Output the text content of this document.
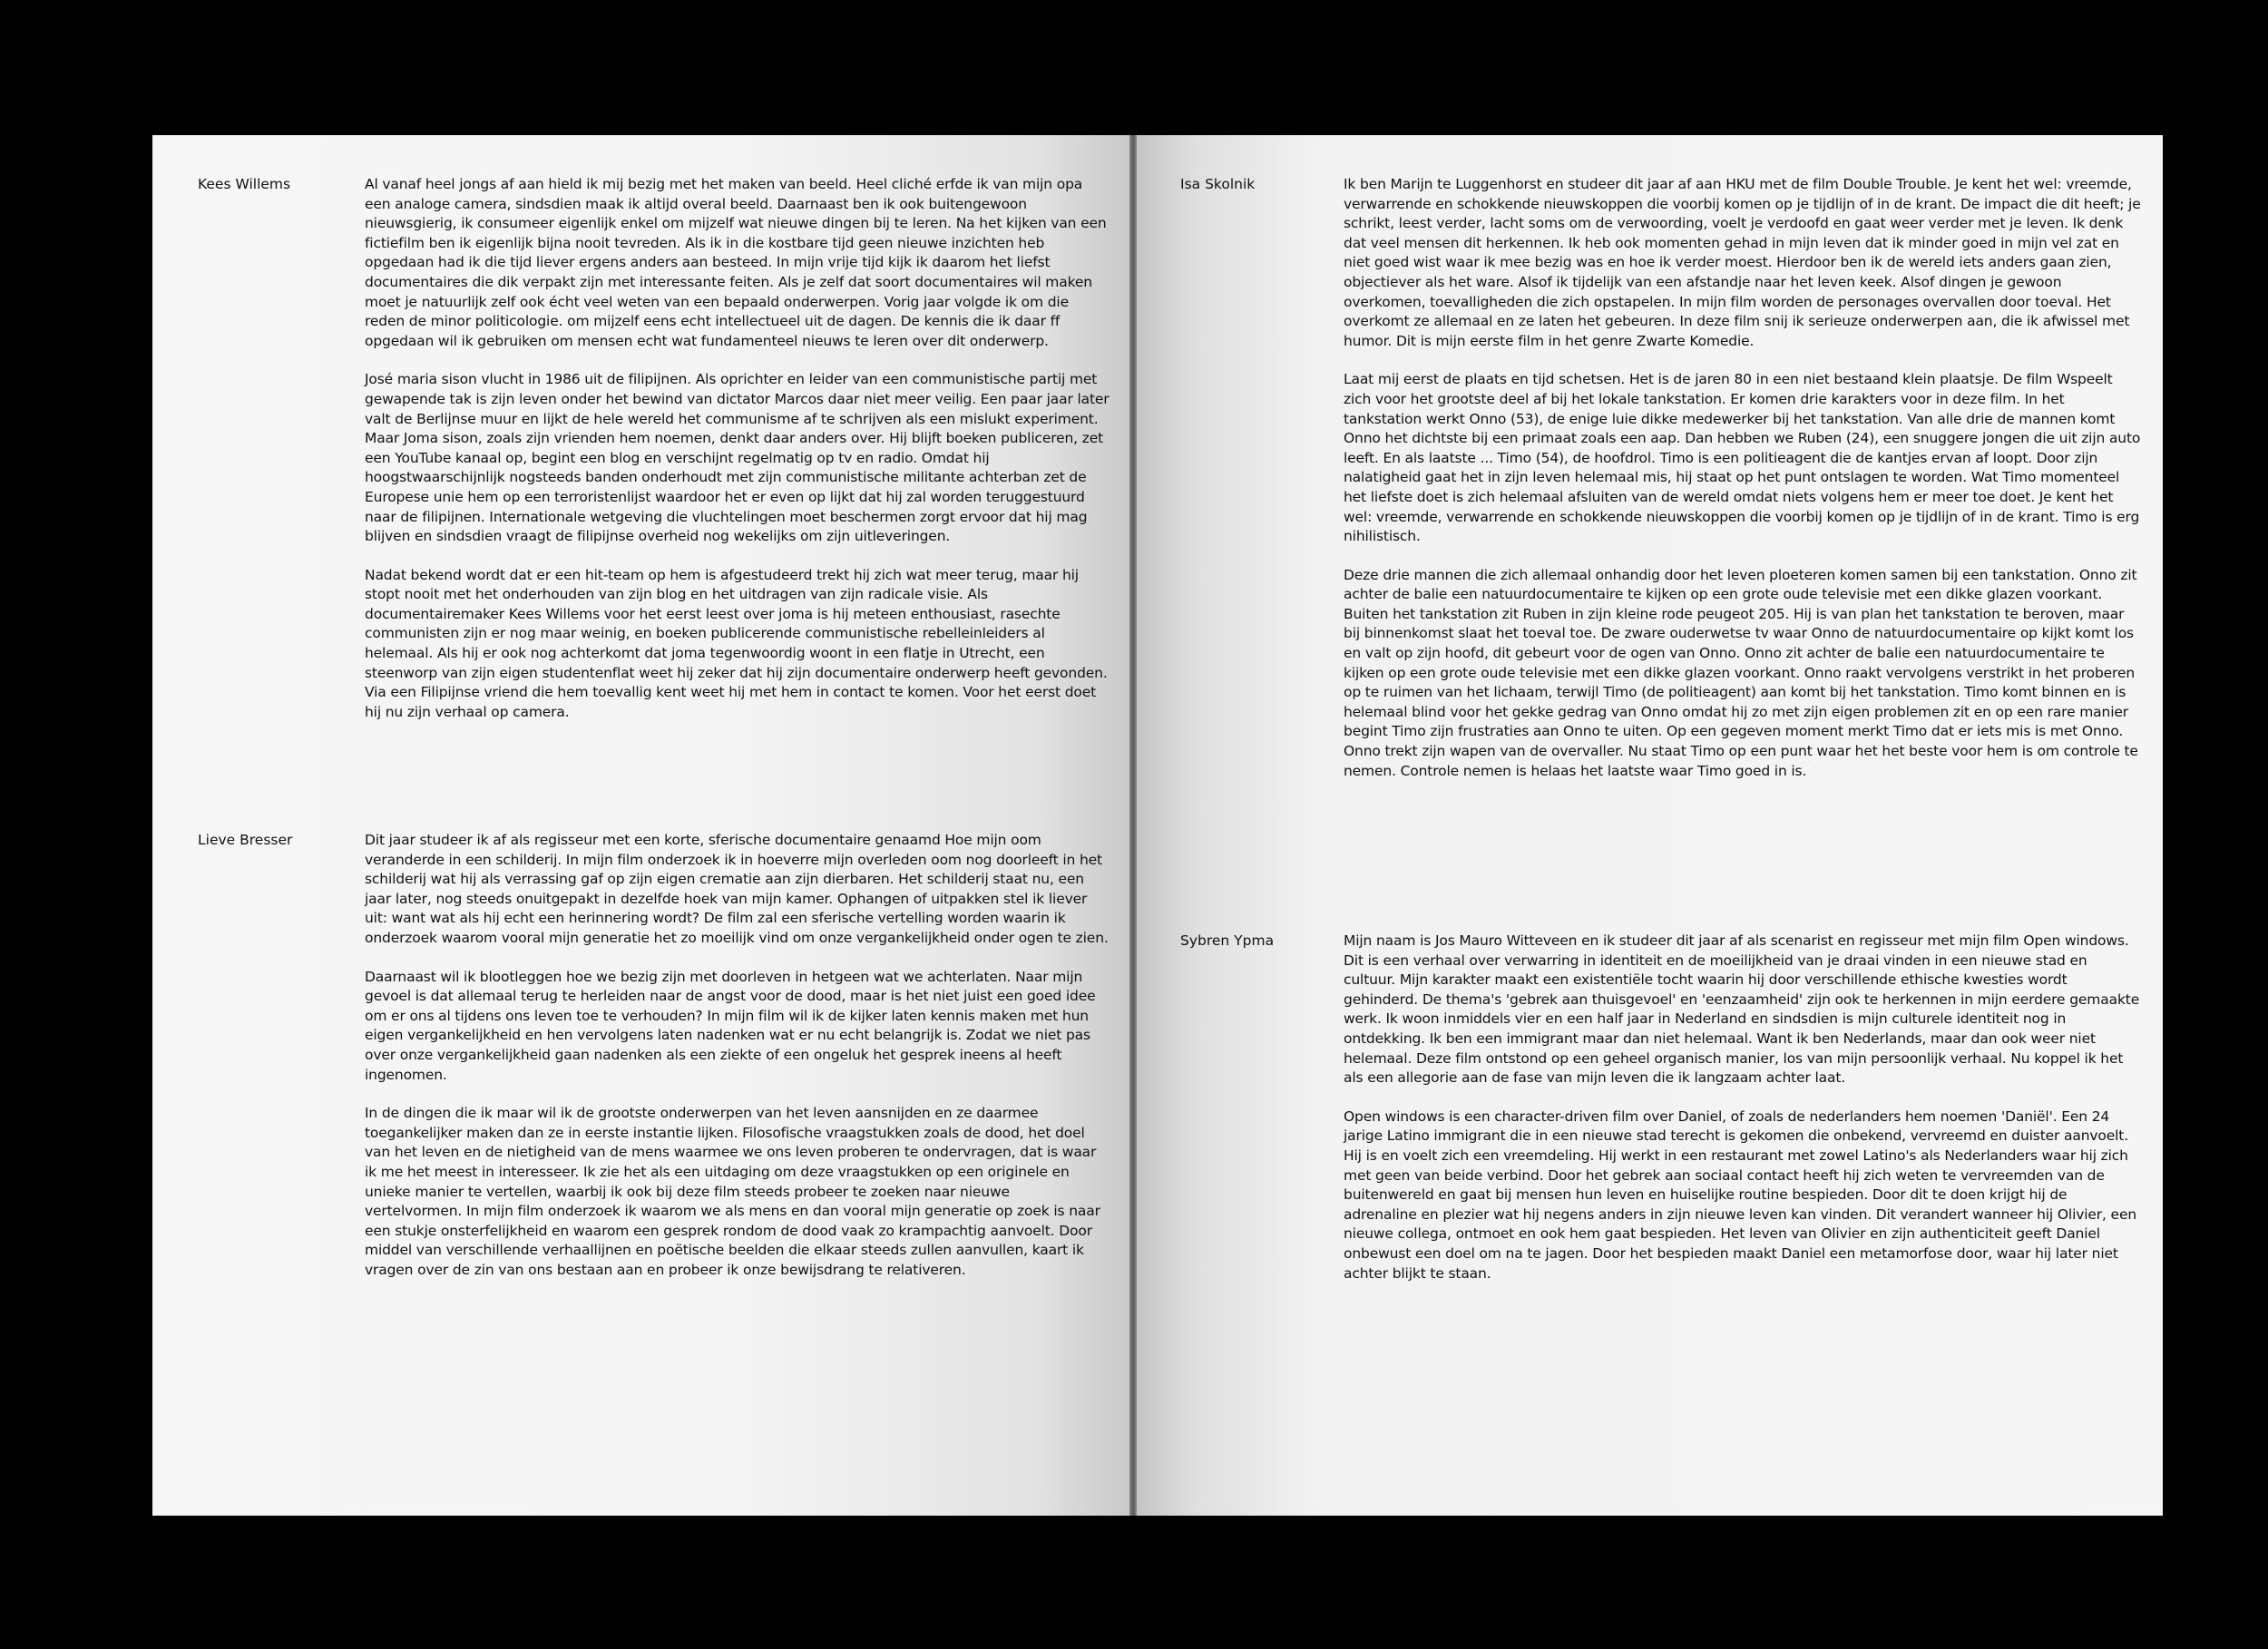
Kees Willems	Al vanaf heel jongs af aan hield ik mij bezig met het maken van beeld. Heel cliché erfde ik van mijn opa een analoge camera, sindsdien maak ik altijd overal beeld. Daarnaast ben ik ook buitengewoon nieuwsgierig, ik consumeer eigenlijk enkel om mijzelf wat nieuwe dingen bij te leren. Na het kijken van een fictiefilm ben ik eigenlijk bijna nooit tevreden. Als ik in die kostbare tijd geen nieuwe inzichten heb opgedaan had ik die tijd liever ergens anders aan besteed. In mijn vrije tijd kijk ik daarom het liefst documentaires die dik verpakt zijn met interessante feiten. Als je zelf dat soort documentaires wil maken moet je natuurlijk zelf ook écht veel weten van een bepaald onderwerpen. Vorig jaar volgde ik om die reden de minor politicologie. om mijzelf eens echt intellectueel uit de dagen. De kennis die ik daar ff opgedaan wil ik gebruiken om mensen echt wat fundamenteel nieuws te leren over dit onderwerp.

José maria sison vlucht in 1986 uit de filipijnen. Als oprichter en leider van een communistische partij met gewapende tak is zijn leven onder het bewind van dictator Marcos daar niet meer veilig. Een paar jaar later valt de Berlijnse muur en lijkt de hele wereld het communisme af te schrijven als een mislukt experiment. Maar Joma sison, zoals zijn vrienden hem noemen, denkt daar anders over. Hij blijft boeken publiceren, zet een YouTube kanaal op, begint een blog en verschijnt regelmatig op tv en radio. Omdat hij hoogstwaarschijnlijk nogsteeds banden onderhoudt met zijn communistische militante achterban zet de Europese unie hem op een terroristenlijst waardoor het er even op lijkt dat hij zal worden teruggestuurd naar de filipijnen. Internationale wetgeving die vluchtelingen moet beschermen zorgt ervoor dat hij mag blijven en sindsdien vraagt de filipijnse overheid nog wekelijks om zijn uitleveringen.

Nadat bekend wordt dat er een hit-team op hem is afgestudeerd trekt hij zich wat meer terug, maar hij stopt nooit met het onderhouden van zijn blog en het uitdragen van zijn radicale visie. Als documentairemaker Kees Willems voor het eerst leest over joma is hij meteen enthousiast, rasechte communisten zijn er nog maar weinig, en boeken publicerende communistische rebelleinleiders al helemaal. Als hij er ook nog achterkomt dat joma tegenwoordig woont in een flatje in Utrecht, een steenworp van zijn eigen studentenflat weet hij zeker dat hij zijn documentaire onderwerp heeft gevonden. Via een Filipijnse vriend die hem toevallig kent weet hij met hem in contact te komen. Voor het eerst doet hij nu zijn verhaal op camera.

Lieve Bresser	Dit jaar studeer ik af als regisseur met een korte, sferische documentaire genaamd Hoe mijn oom veranderde in een schilderij. In mijn film onderzoek ik in hoeverre mijn overleden oom nog doorleeft in het schilderij wat hij als verrassing gaf op zijn eigen crematie aan zijn dierbaren. Het schilderij staat nu, een jaar later, nog steeds onuitgepakt in dezelfde hoek van mijn kamer. Ophangen of uitpakken stel ik liever uit: want wat als hij echt een herinnering wordt? De film zal een sferische vertelling worden waarin ik onderzoek waarom vooral mijn generatie het zo moeilijk vind om onze vergankelijkheid onder ogen te zien.

Daarnaast wil ik blootleggen hoe we bezig zijn met doorleven in hetgeen wat we achterlaten. Naar mijn gevoel is dat allemaal terug te herleiden naar de angst voor de dood, maar is het niet juist een goed idee om er ons al tijdens ons leven toe te verhouden? In mijn film wil ik de kijker laten kennis maken met hun eigen vergankelijkheid en hen vervolgens laten nadenken wat er nu echt belangrijk is. Zodat we niet pas over onze vergankelijkheid gaan nadenken als een ziekte of een ongeluk het gesprek ineens al heeft ingenomen.

In de dingen die ik maar wil ik de grootste onderwerpen van het leven aansnijden en ze daarmee toegankelijker maken dan ze in eerste instantie lijken. Filosofische vraagstukken zoals de dood, het doel van het leven en de nietigheid van de mens waarmee we ons leven proberen te ondervragen, dat is waar ik me het meest in interesseer. Ik zie het als een uitdaging om deze vraagstukken op een originele en unieke manier te vertellen, waarbij ik ook bij deze film steeds probeer te zoeken naar nieuwe vertelvormen. In mijn film onderzoek ik waarom we als mens en dan vooral mijn generatie op zoek is naar een stukje onsterfelijkheid en waarom een gesprek rondom de dood vaak zo krampachtig aanvoelt. Door middel van verschillende verhaallijnen en poëtische beelden die elkaar steeds zullen aanvullen, kaart ik vragen over de zin van ons bestaan aan en probeer ik onze bewijsdrang te relativeren.

Isa Skolnik	Ik ben Marijn te Luggenhorst en studeer dit jaar af aan HKU met de film Double Trouble. Je kent het wel: vreemde, verwarrende en schokkende nieuwskoppen die voorbij komen op je tijdlijn of in de krant. De impact die dit heeft; je schrikt, leest verder, lacht soms om de verwoording, voelt je verdoofd en gaat weer verder met je leven. Ik denk dat veel mensen dit herkennen. Ik heb ook momenten gehad in mijn leven dat ik minder goed in mijn vel zat en niet goed wist waar ik mee bezig was en hoe ik verder moest. Hierdoor ben ik de wereld iets anders gaan zien, objectiever als het ware. Alsof ik tijdelijk van een afstandje naar het leven keek. Alsof dingen je gewoon overkomen, toevalligheden die zich opstapelen. In mijn film worden de personages overvallen door toeval. Het overkomt ze allemaal en ze laten het gebeuren. In deze film snij ik serieuze onderwerpen aan, die ik afwissel met humor. Dit is mijn eerste film in het genre Zwarte Komedie.

Laat mij eerst de plaats en tijd schetsen. Het is de jaren 80 in een niet bestaand klein plaatsje. De film Wspeelt zich voor het grootste deel af bij het lokale tankstation. Er komen drie karakters voor in deze film. In het tankstation werkt Onno (53), de enige luie dikke medewerker bij het tankstation. Van alle drie de mannen komt Onno het dichtste bij een primaat zoals een aap. Dan hebben we Ruben (24), een snuggere jongen die uit zijn auto leeft. En als laatste ... Timo (54), de hoofdrol. Timo is een politieagent die de kantjes ervan af loopt. Door zijn nalatigheid gaat het in zijn leven helemaal mis, hij staat op het punt ontslagen te worden. Wat Timo momenteel het liefste doet is zich helemaal afsluiten van de wereld omdat niets volgens hem er meer toe doet. Je kent het wel: vreemde, verwarrende en schokkende nieuwskoppen die voorbij komen op je tijdlijn of in de krant. Timo is erg nihilistisch.

Deze drie mannen die zich allemaal onhandig door het leven ploeteren komen samen bij een tankstation. Onno zit achter de balie een natuurdocumentaire te kijken op een grote oude televisie met een dikke glazen voorkant. Buiten het tankstation zit Ruben in zijn kleine rode peugeot 205. Hij is van plan het tankstation te beroven, maar bij binnenkomst slaat het toeval toe. De zware ouderwetse tv waar Onno de natuurdocumentaire op kijkt komt los en valt op zijn hoofd, dit gebeurt voor de ogen van Onno. Onno zit achter de balie een natuurdocumentaire te kijken op een grote oude televisie met een dikke glazen voorkant. Onno raakt vervolgens verstrikt in het proberen op te ruimen van het lichaam, terwijl Timo (de politieagent) aan komt bij het tankstation. Timo komt binnen en is helemaal blind voor het gekke gedrag van Onno omdat hij zo met zijn eigen problemen zit en op een rare manier begint Timo zijn frustraties aan Onno te uiten. Op een gegeven moment merkt Timo dat er iets mis is met Onno. Onno trekt zijn wapen van de overvaller. Nu staat Timo op een punt waar het het beste voor hem is om controle te nemen. Controle nemen is helaas het laatste waar Timo goed in is.

Sybren Ypma	Mijn naam is Jos Mauro Witteveen en ik studeer dit jaar af als scenarist en regisseur met mijn film Open windows. Dit is een verhaal over verwarring in identiteit en de moeilijkheid van je draai vinden in een nieuwe stad en cultuur. Mijn karakter maakt een existentiële tocht waarin hij door verschillende ethische kwesties wordt gehinderd. De thema's 'gebrek aan thuisgevoel' en 'eenzaamheid' zijn ook te herkennen in mijn eerdere gemaakte werk. Ik woon inmiddels vier en een half jaar in Nederland en sindsdien is mijn culturele identiteit nog in ontdekking. Ik ben een immigrant maar dan niet helemaal. Want ik ben Nederlands, maar dan ook weer niet helemaal. Deze film ontstond op een geheel organisch manier, los van mijn persoonlijk verhaal. Nu koppel ik het als een allegorie aan de fase van mijn leven die ik langzaam achter laat.

Open windows is een character-driven film over Daniel, of zoals de nederlanders hem noemen 'Daniël'. Een 24 jarige Latino immigrant die in een nieuwe stad terecht is gekomen die onbekend, vervreemd en duister aanvoelt. Hij is en voelt zich een vreemdeling. Hij werkt in een restaurant met zowel Latino's als Nederlanders waar hij zich met geen van beide verbind. Door het gebrek aan sociaal contact heeft hij zich weten te vervreemden van de buitenwereld en gaat bij mensen hun leven en huiselijke routine bespieden. Door dit te doen krijgt hij de adrenaline en plezier wat hij negens anders in zijn nieuwe leven kan vinden. Dit verandert wanneer hij Olivier, een nieuwe collega, ontmoet en ook hem gaat bespieden. Het leven van Olivier en zijn authenticiteit geeft Daniel onbewust een doel om na te jagen. Door het bespieden maakt Daniel een metamorfose door, waar hij later niet achter blijkt te staan.
